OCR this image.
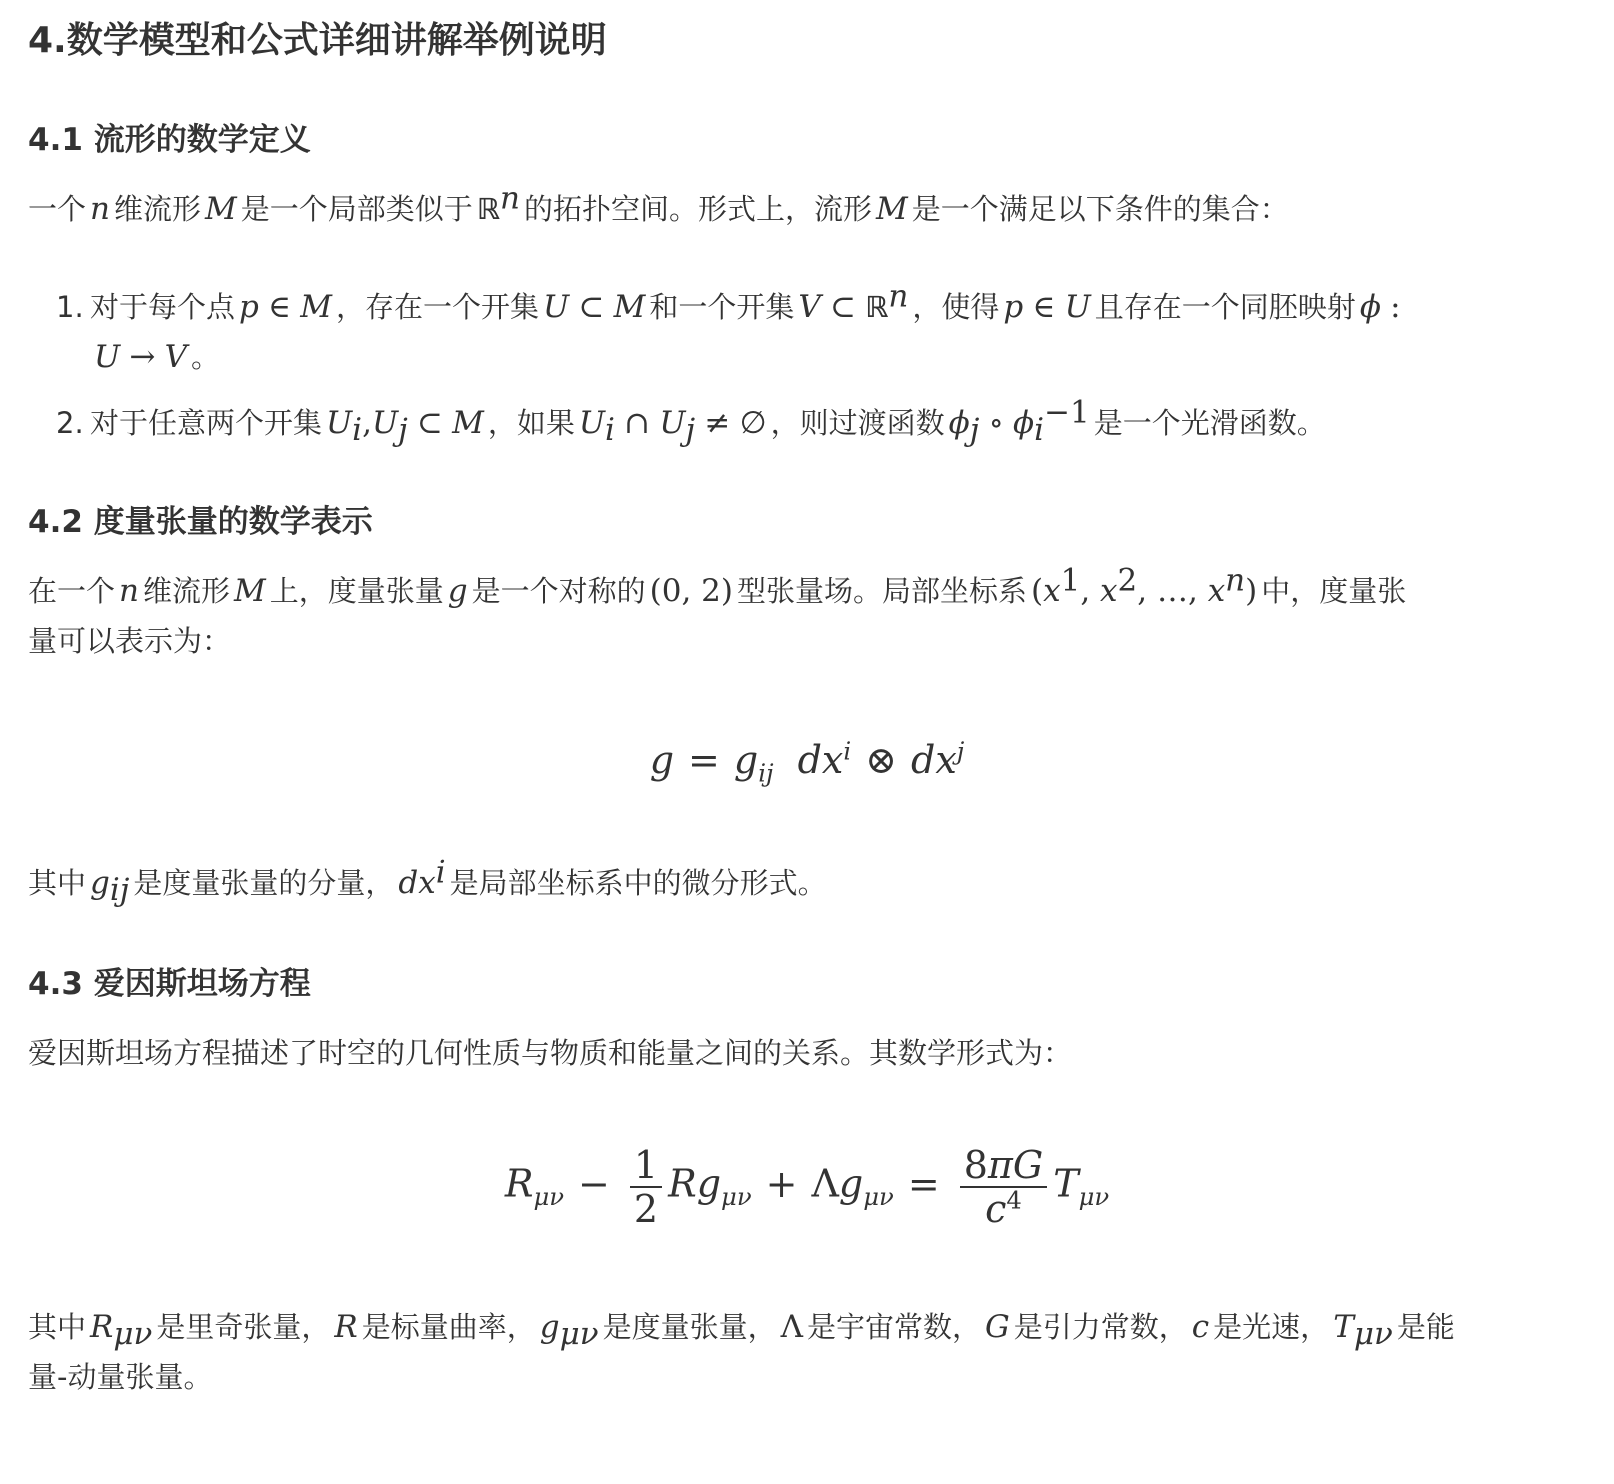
4.数学模型和公式详细讲解举例说明
4.1 流形的数学定义
一个 n 维流形 M 是一个局部类似于 ℝ$^n$ 的拓扑空间。形式上，流形 M 是一个满足以下条件的集合：
1. 对于每个点 p ∈ M ，存在一个开集 U ⊂ M 和一个开集 V ⊂ ℝ$^n$ ，使得 p ∈ U 且存在一个同胚映射 ϕ :
U → V 。
2. 对于任意两个开集 $U_i,U_j$ ⊂ M ，如果 $U_i$ ∩ $U_j$ ≠ ∅ ，则过渡函数 $\phi_j$ ∘ $\phi_i^{-1}$ 是一个光滑函数。
4.2 度量张量的数学表示
在一个 n 维流形 M 上，度量张量 g 是一个对称的 (0, 2) 型张量场。局部坐标系 ($x^1$, $x^2$, …, $x^n$) 中，度量张
量可以表示为：
$g = g_{ij}$ $dx^i$ ⊗ $dx^j$
其中 $g_{ij}$ 是度量张量的分量， $dx^i$ 是局部坐标系中的微分形式。
4.3 爱因斯坦场方程
爱因斯坦场方程描述了时空的几何性质与物质和能量之间的关系。其数学形式为：
$R_{\mu\nu} - \frac{1}{2} Rg_{\mu\nu} + \Lambda g_{\mu\nu} = \frac{8\pi G}{c^4} T_{\mu\nu}$
其中 $R_{\mu\nu}$ 是里奇张量， R 是标量曲率， $g_{\mu\nu}$ 是度量张量， Λ 是宇宙常数， G 是引力常数， c 是光速， $T_{\mu\nu}$ 是能
量-动量张量。
